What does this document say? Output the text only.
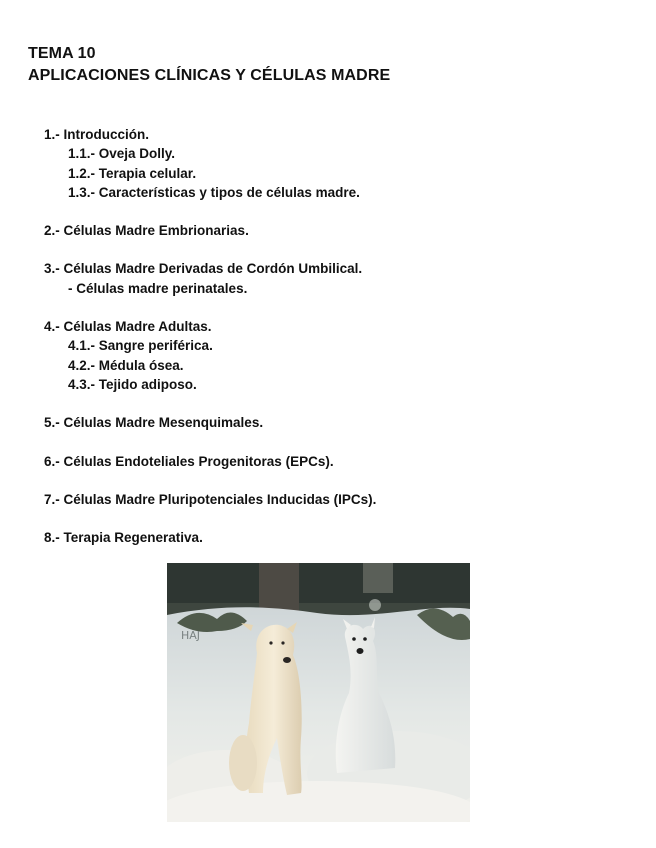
TEMA 10
APLICACIONES CLÍNICAS Y CÉLULAS MADRE
1.- Introducción.
1.1.- Oveja Dolly.
1.2.- Terapia celular.
1.3.- Características y tipos de células madre.
2.- Células Madre Embrionarias.
3.- Células Madre Derivadas de Cordón Umbilical.
- Células madre perinatales.
4.- Células Madre Adultas.
4.1.- Sangre periférica.
4.2.- Médula ósea.
4.3.- Tejido adiposo.
5.- Células Madre Mesenquimales.
6.- Células Endoteliales Progenitoras (EPCs).
7.- Células Madre Pluripotenciales Inducidas (IPCs).
8.- Terapia Regenerativa.
HAJ
